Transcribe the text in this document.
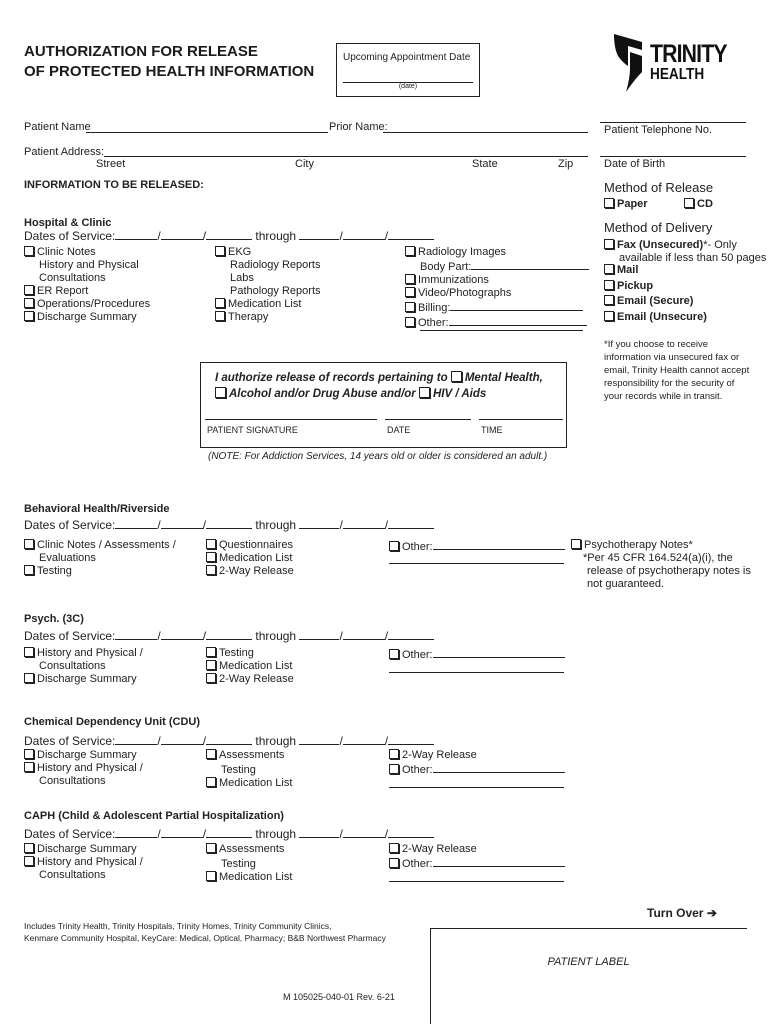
AUTHORIZATION FOR RELEASE
OF PROTECTED HEALTH INFORMATION
Upcoming Appointment Date
(date)
TRINITY
HEALTH
Patient Name	Prior Name:	Patient Telephone No.
Patient Address:
Street	City	State	Zip	Date of Birth
INFORMATION TO BE RELEASED:	Method of Release
Paper	CD
Method of Delivery
Fax (Unsecured)*- Only
available if less than 50 pages
Mail
Pickup
Email (Secure)
Email (Unsecure)
*If you choose to receive
information via unsecured fax or
email, Trinity Health cannot accept
responsibility for the security of
your records while in transit.
Hospital & Clinic
Dates of Service:	/	/	through	/	/
Clinic Notes
History and Physical
Consultations
ER Report
Operations/Procedures
Discharge Summary
EKG
Radiology Reports
Labs
Pathology Reports
Medication List
Therapy
Radiology Images
Body Part:
Immunizations
Video/Photographs
Billing:
Other:
I authorize release of records pertaining to Mental Health,
Alcohol and/or Drug Abuse and/or HIV / Aids
PATIENT SIGNATURE	DATE	TIME
(NOTE: For Addiction Services, 14 years old or older is considered an adult.)
Behavioral Health/Riverside
Dates of Service:	/	/	through	/	/
Clinic Notes / Assessments /
Evaluations
Testing
Questionnaires
Medication List
2-Way Release
Other:	Psychotherapy Notes*
*Per 45 CFR 164.524(a)(i), the
release of psychotherapy notes is
not guaranteed.
Psych. (3C)
Dates of Service:	/	/	through	/	/
History and Physical /
Consultations
Discharge Summary
Testing
Medication List
2-Way Release
Other:
Chemical Dependency Unit (CDU)
Dates of Service:	/	/	through	/	/
Discharge Summary
History and Physical /
Consultations
Assessments
Testing
Medication List
2-Way Release
Other:
CAPH (Child & Adolescent Partial Hospitalization)
Dates of Service:	/	/	through	/	/
Discharge Summary
History and Physical /
Consultations
Assessments
Testing
Medication List
2-Way Release
Other:
Turn Over ➔
Includes Trinity Health, Trinity Hospitals, Trinity Homes, Trinity Community Clinics,
Kenmare Community Hospital, KeyCare: Medical, Optical, Pharmacy; B&B Northwest Pharmacy
PATIENT LABEL
M 105025-040-01 Rev. 6-21
